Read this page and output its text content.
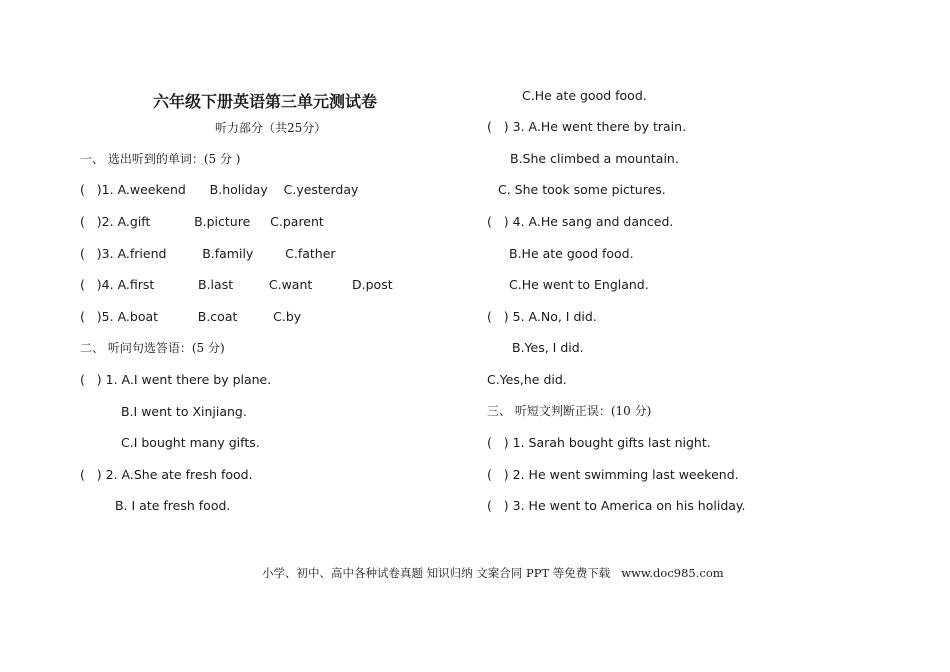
六年级下册英语第三单元测试卷
听力部分（共25分）
一、 选出听到的单词：(5 分 )
(   )1. A.weekend      B.holiday    C.yesterday
(   )2. A.gift           B.picture     C.parent
(   )3. A.friend         B.family        C.father
(   )4. A.first           B.last         C.want          D.post
(   )5. A.boat          B.coat         C.by
二、 听问句选答语：(5 分)
(   ) 1. A.I went there by plane.
B.I went to Xinjiang.
C.I bought many gifts.
(   ) 2. A.She ate fresh food.
B. I ate fresh food.
C.He ate good food.
(   ) 3. A.He went there by train.
B.She climbed a mountain.
C. She took some pictures.
(   ) 4. A.He sang and danced.
B.He ate good food.
C.He went to England.
(   ) 5. A.No, I did.
B.Yes, I did.
C.Yes,he did.
三、 听短文判断正误：(10 分)
(   ) 1. Sarah bought gifts last night.
(   ) 2. He went swimming last weekend.
(   ) 3. He went to America on his holiday.
小学、初中、高中各种试卷真题 知识归纳 文案合同 PPT 等免费下载   www.doc985.com
